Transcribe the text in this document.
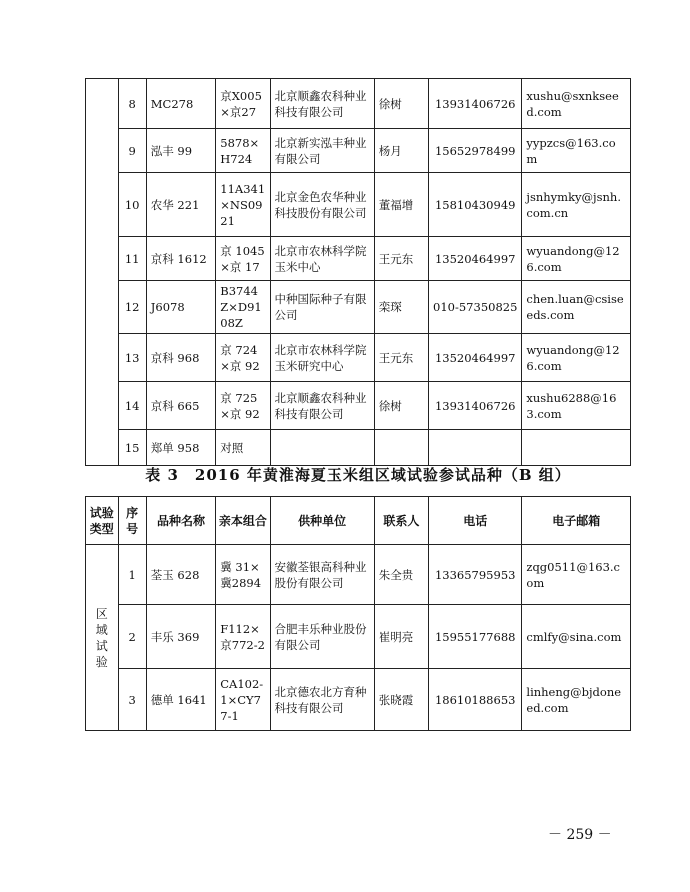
	8	MC278	京X005×京27	北京顺鑫农科种业科技有限公司	徐树	13931406726	xushu@sxnkseed.com
	9	泓丰 99	5878×H724	北京新实泓丰种业有限公司	杨月	15652978499	yypzcs@163.com
	10	农华 221	11A341×NS0921	北京金色农华种业科技股份有限公司	董福增	15810430949	jsnhymky@jsnh.com.cn
	11	京科 1612	京 1045×京 17	北京市农林科学院玉米中心	王元东	13520464997	wyuandong@126.com
	12	J6078	B3744Z×D9108Z	中种国际种子有限公司	栾琛	010-57350825	chen.luan@csiseeds.com
	13	京科 968	京 724×京 92	北京市农林科学院玉米研究中心	王元东	13520464997	wyuandong@126.com
	14	京科 665	京 725×京 92	北京顺鑫农科种业科技有限公司	徐树	13931406726	xushu6288@163.com
	15	郑单 958	对照				
表 3　2016 年黄淮海夏玉米组区域试验参试品种（B 组）
试验类型	序号	品种名称	亲本组合	供种单位	联系人	电话	电子邮箱
区域试验	1	荃玉 628	冀 31×冀2894	安徽荃银高科种业股份有限公司	朱全贵	13365795953	zqg0511@163.com
	2	丰乐 369	F112×京772-2	合肥丰乐种业股份有限公司	崔明亮	15955177688	cmlfy@sina.com
	3	德单 1641	CA102-1×CY77-1	北京德农北方育种科技有限公司	张晓霞	18610188653	linheng@bjdoneed.com
－ 259 －
